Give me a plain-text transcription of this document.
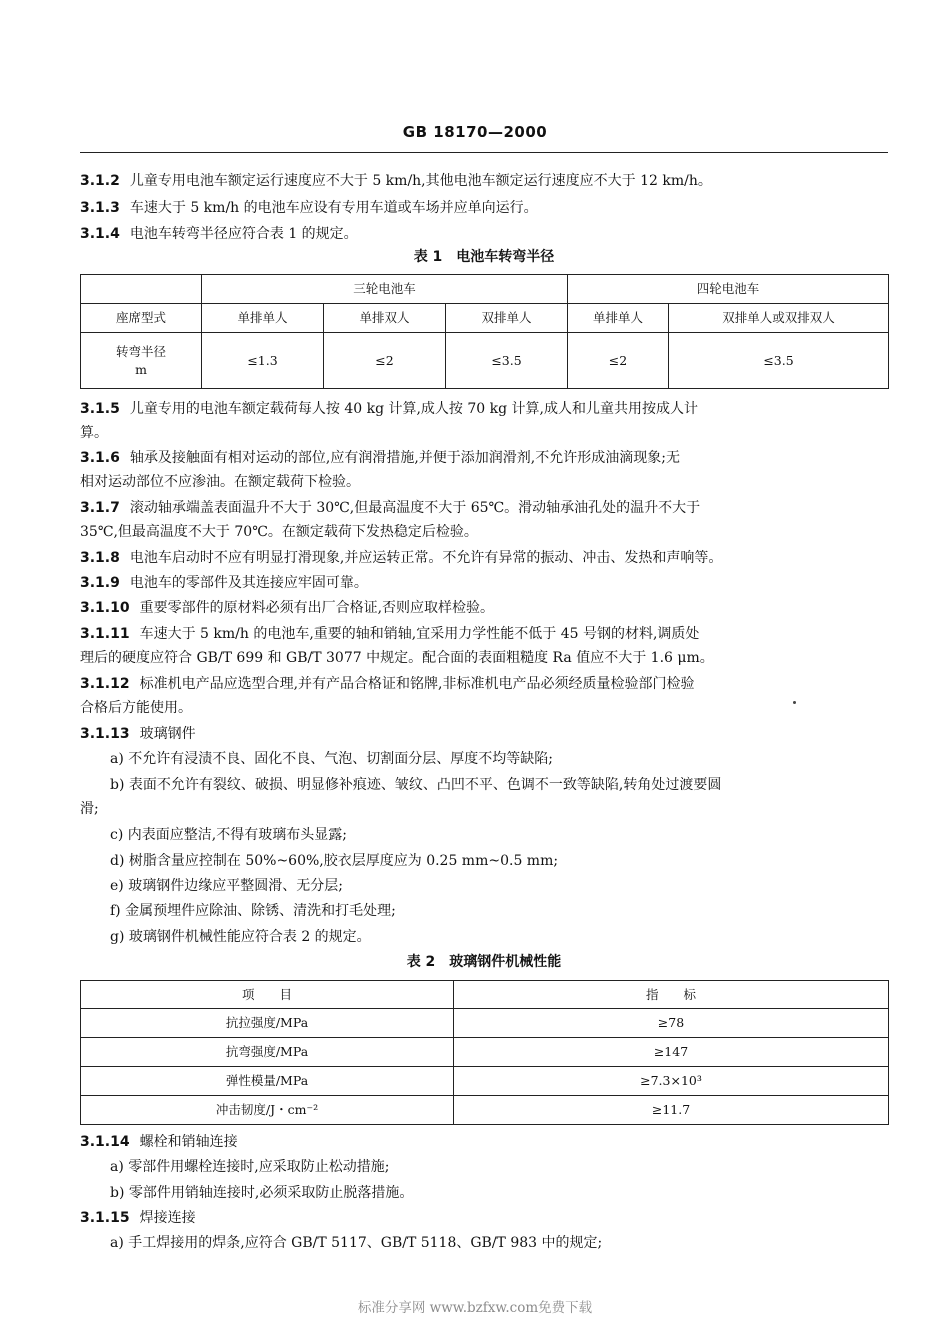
GB 18170—2000
3.1.2 儿童专用电池车额定运行速度应不大于 5 km/h,其他电池车额定运行速度应不大于 12 km/h。
3.1.3 车速大于 5 km/h 的电池车应设有专用车道或车场并应单向运行。
3.1.4 电池车转弯半径应符合表 1 的规定。
表 1　电池车转弯半径
	三轮电池车			四轮电池车	
座席型式	单排单人	单排双人	双排单人	单排单人	双排单人或双排双人
转弯半径
m	≤1.3	≤2	≤3.5	≤2	≤3.5
3.1.5 儿童专用的电池车额定载荷每人按 40 kg 计算,成人按 70 kg 计算,成人和儿童共用按成人计
算。
3.1.6 轴承及接触面有相对运动的部位,应有润滑措施,并便于添加润滑剂,不允许形成油滴现象;无
相对运动部位不应渗油。在额定载荷下检验。
3.1.7 滚动轴承端盖表面温升不大于 30℃,但最高温度不大于 65℃。滑动轴承油孔处的温升不大于
35℃,但最高温度不大于 70℃。在额定载荷下发热稳定后检验。
3.1.8 电池车启动时不应有明显打滑现象,并应运转正常。不允许有异常的振动、冲击、发热和声响等。
3.1.9 电池车的零部件及其连接应牢固可靠。
3.1.10 重要零部件的原材料必须有出厂合格证,否则应取样检验。
3.1.11 车速大于 5 km/h 的电池车,重要的轴和销轴,宜采用力学性能不低于 45 号钢的材料,调质处
理后的硬度应符合 GB/T 699 和 GB/T 3077 中规定。配合面的表面粗糙度 Ra 值应不大于 1.6 μm。
3.1.12 标准机电产品应选型合理,并有产品合格证和铭牌,非标准机电产品必须经质量检验部门检验
合格后方能使用。
3.1.13 玻璃钢件
a) 不允许有浸渍不良、固化不良、气泡、切割面分层、厚度不均等缺陷;
b) 表面不允许有裂纹、破损、明显修补痕迹、皱纹、凸凹不平、色调不一致等缺陷,转角处过渡要圆
滑;
c) 内表面应整洁,不得有玻璃布头显露;
d) 树脂含量应控制在 50%~60%,胶衣层厚度应为 0.25 mm~0.5 mm;
e) 玻璃钢件边缘应平整圆滑、无分层;
f) 金属预埋件应除油、除锈、清洗和打毛处理;
g) 玻璃钢件机械性能应符合表 2 的规定。
表 2　玻璃钢件机械性能
项　　目	指　　标
抗拉强度/MPa	≥78
抗弯强度/MPa	≥147
弹性模量/MPa	≥7.3×10³
冲击韧度/J・cm⁻²	≥11.7
3.1.14 螺栓和销轴连接
a) 零部件用螺栓连接时,应采取防止松动措施;
b) 零部件用销轴连接时,必须采取防止脱落措施。
3.1.15 焊接连接
a) 手工焊接用的焊条,应符合 GB/T 5117、GB/T 5118、GB/T 983 中的规定;
标准分享网 www.bzfxw.com免费下载
